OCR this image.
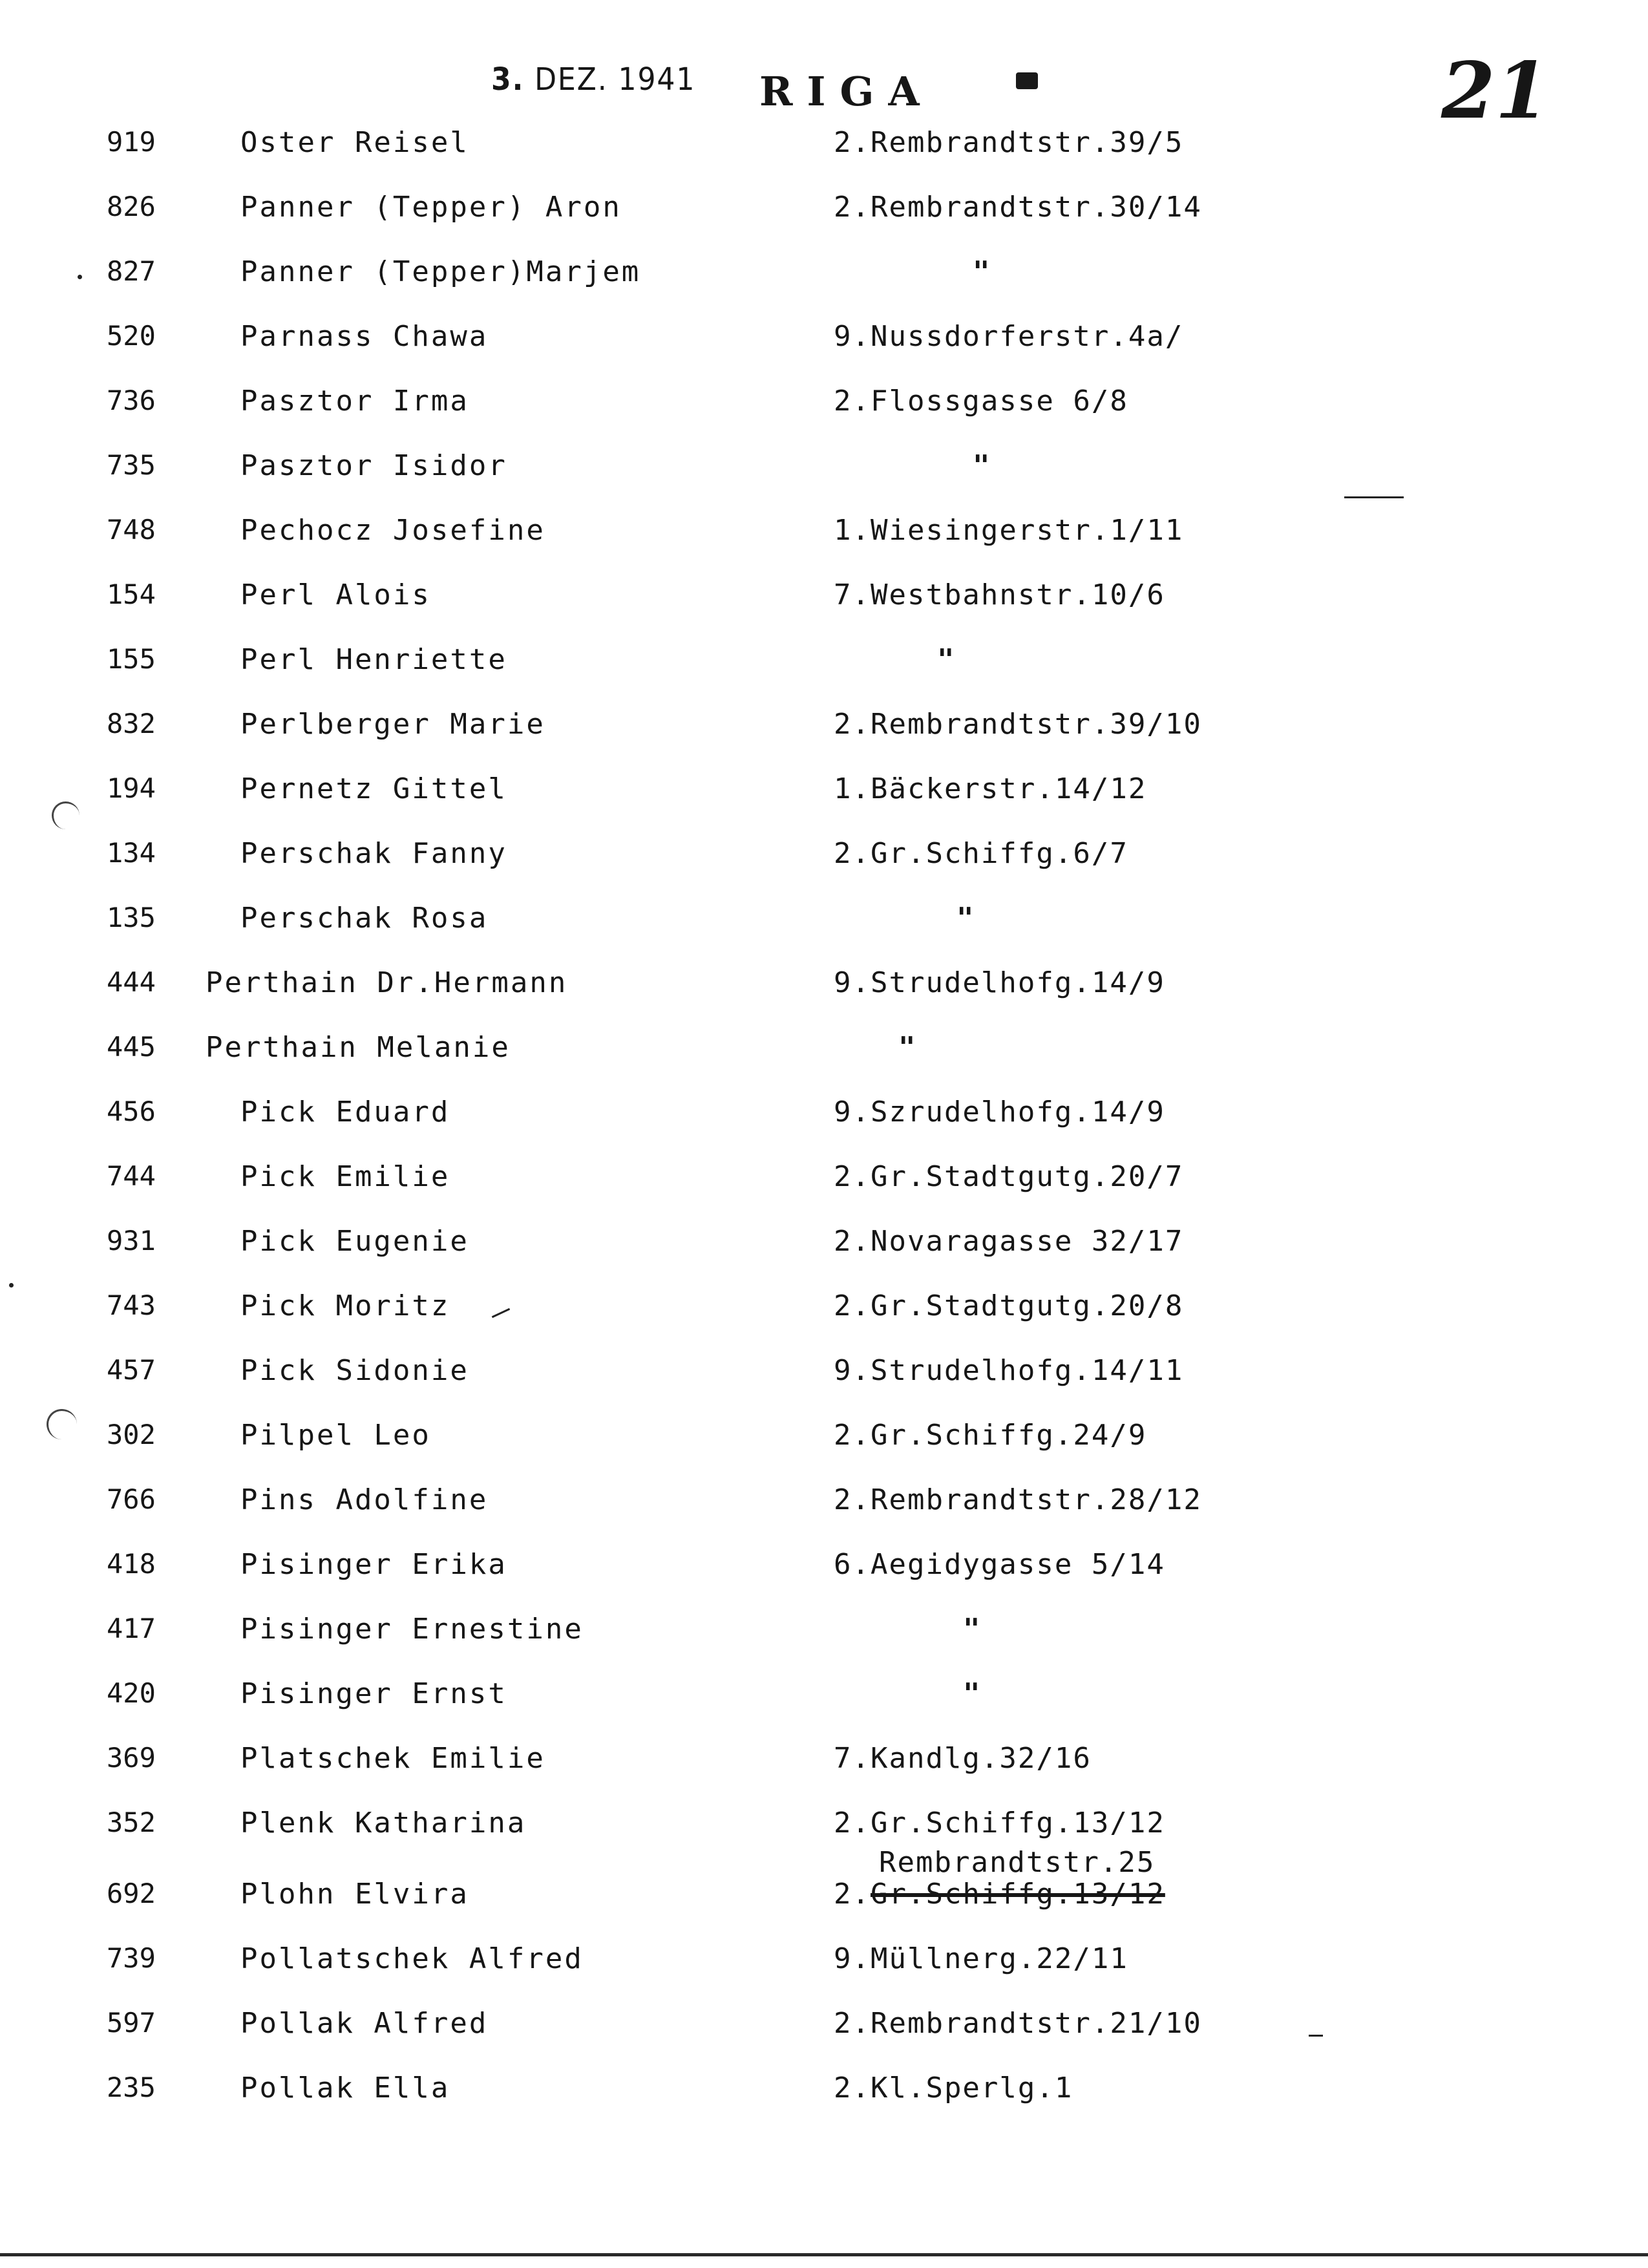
3. DEZ. 1941 RIGA	21
919	Oster Reisel	2.Rembrandtstr.39/5
826	Panner (Tepper) Aron	2.Rembrandtstr.30/14
827	Panner (Tepper)Marjem	"
520	Parnass Chawa	9.Nussdorferstr.4a/
736	Pasztor Irma	2.Flossgasse 6/8
735	Pasztor Isidor	"
748	Pechocz Josefine	1.Wiesingerstr.1/11
154	Perl Alois	7.Westbahnstr.10/6
155	Perl Henriette	"
832	Perlberger Marie	2.Rembrandtstr.39/10
194	Pernetz Gittel	1.Bäckerstr.14/12
134	Perschak Fanny	2.Gr.Schiffg.6/7
135	Perschak Rosa	"
444 Perthain Dr.Hermann	9.Strudelhofg.14/9
445 Perthain Melanie	"
456	Pick Eduard	9.Szrudelhofg.14/9
744	Pick Emilie	2.Gr.Stadtgutg.20/7
931	Pick Eugenie	2.Novaragasse 32/17
743	Pick Moritz	2.Gr.Stadtgutg.20/8
457	Pick Sidonie	9.Strudelhofg.14/11
302	Pilpel Leo	2.Gr.Schiffg.24/9
766	Pins Adolfine	2.Rembrandtstr.28/12
418	Pisinger Erika	6.Aegidygasse 5/14
417	Pisinger Ernestine	"
420	Pisinger Ernst	"
369	Platschek Emilie	7.Kandlg.32/16
352	Plenk Katharina	2.Gr.Schiffg.13/12
Rembrandtstr.25
692	Plohn Elvira	2.Gr.Schiffg.13/12
739	Pollatschek Alfred	9.Müllnerg.22/11
597	Pollak Alfred	2.Rembrandtstr.21/10
235	Pollak Ella	2.Kl.Sperlg.1
